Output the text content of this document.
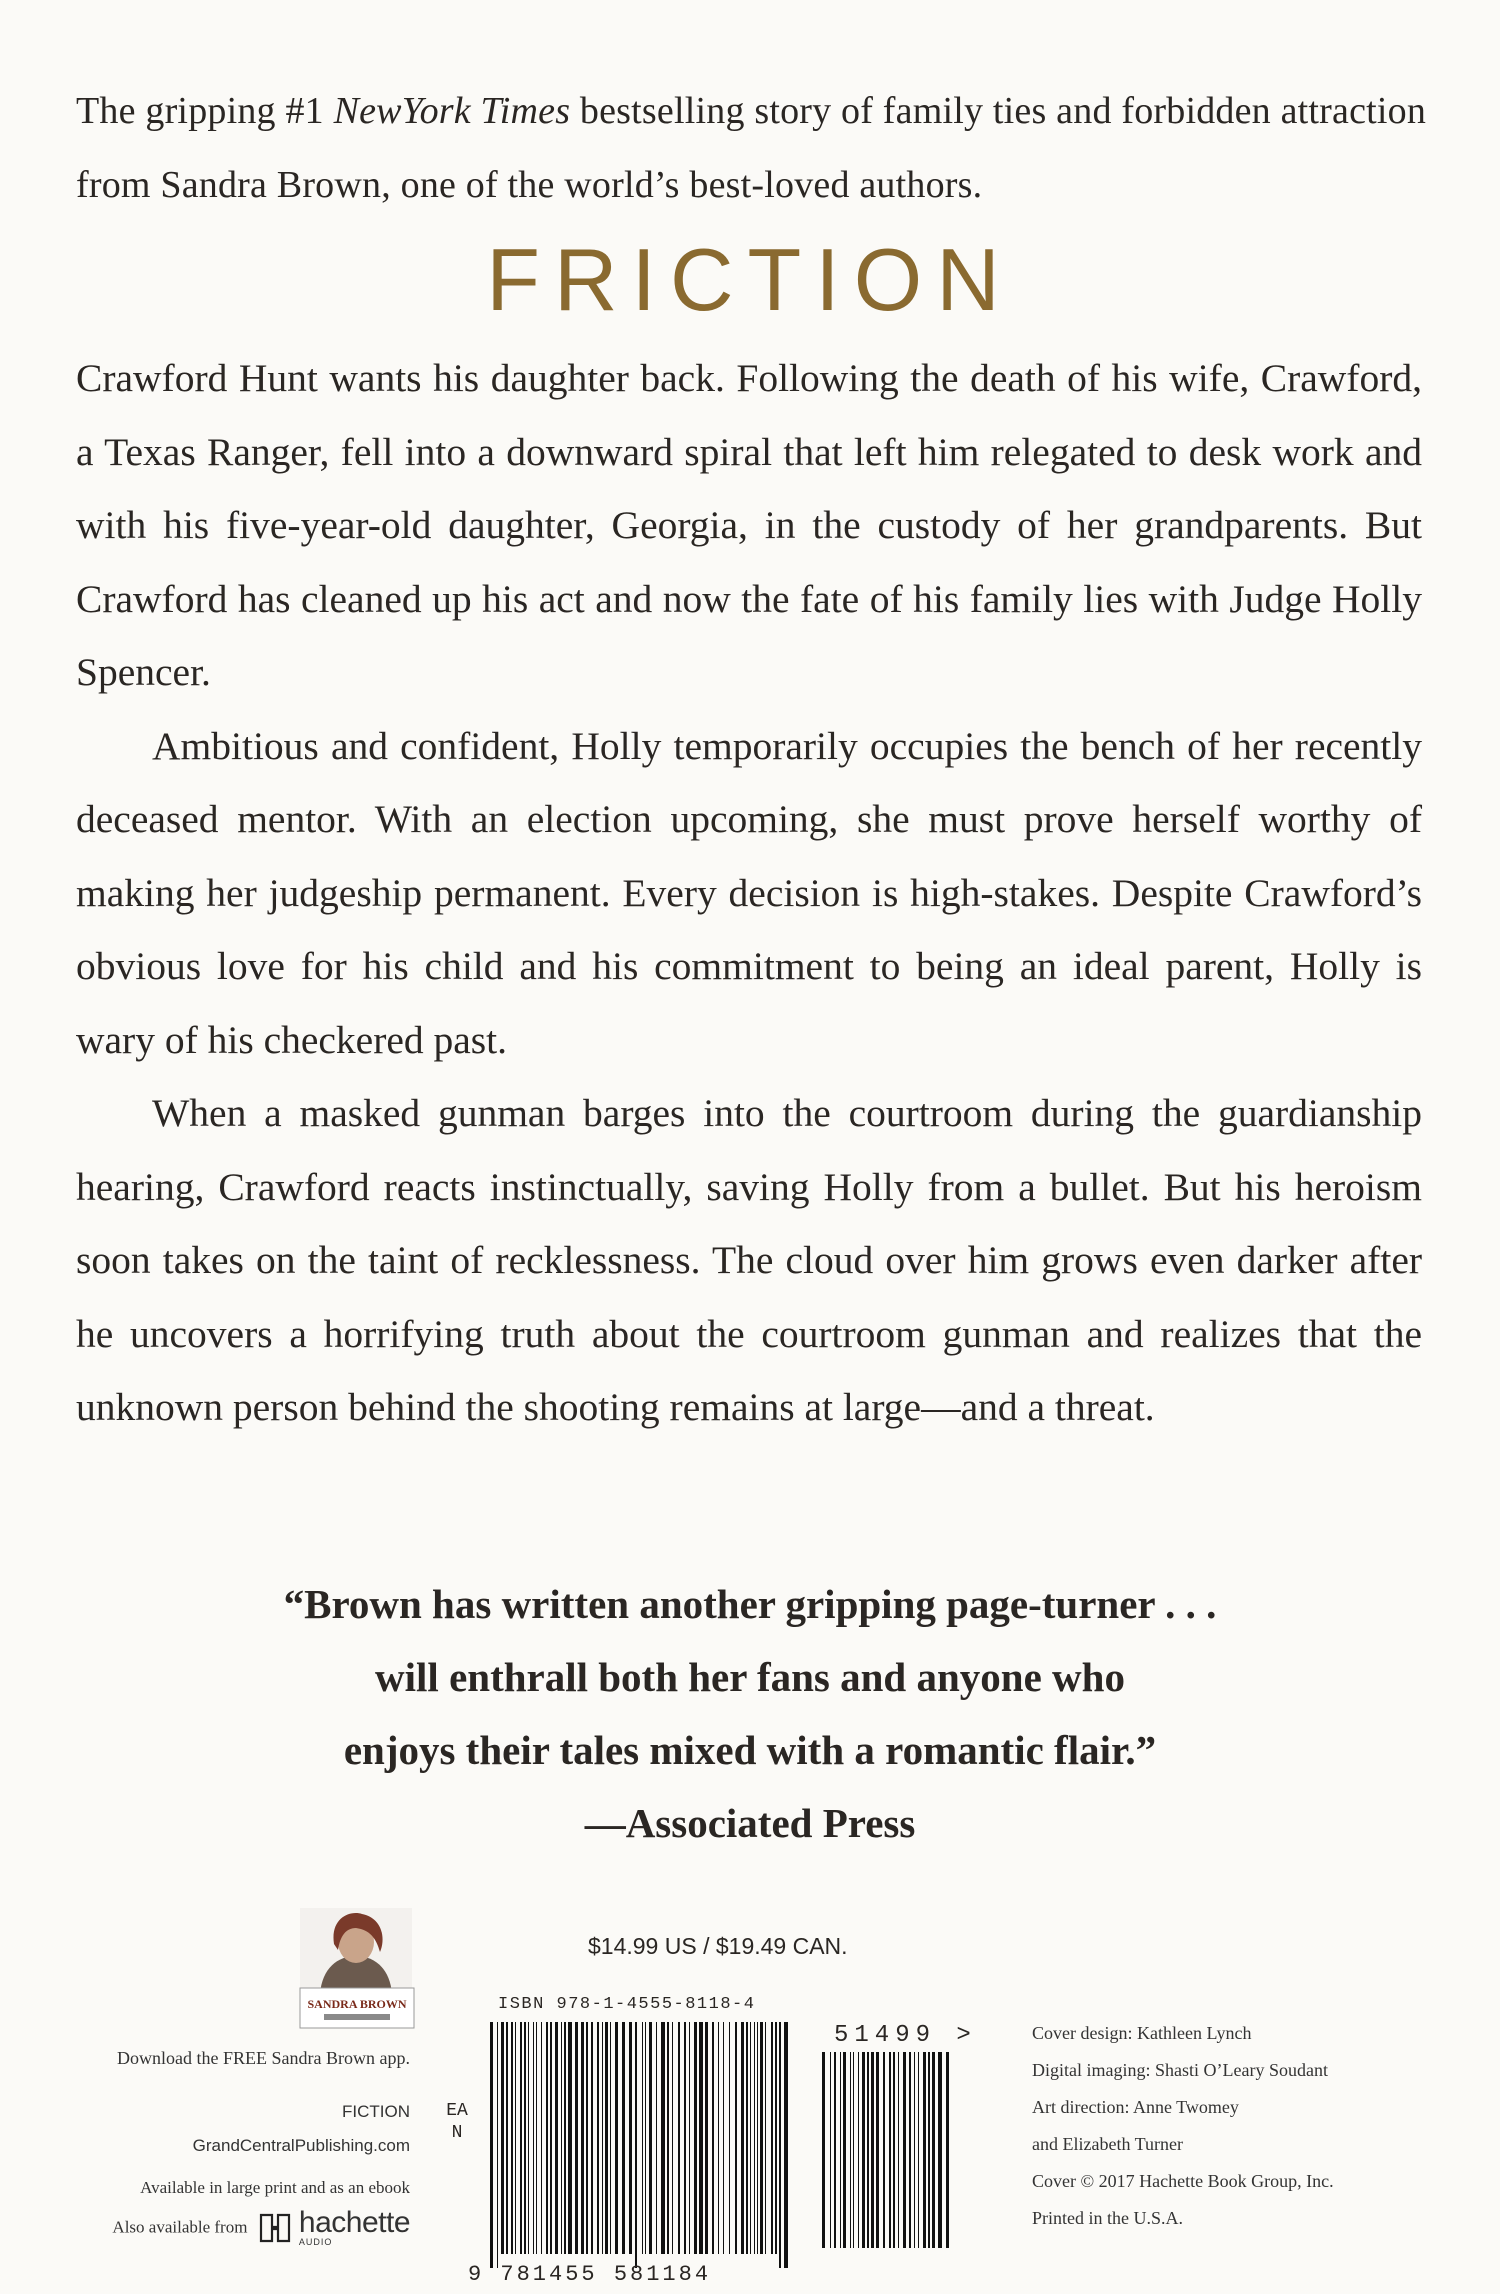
The gripping #1 NewYork Times bestselling story of family ties and forbidden attraction from Sandra Brown, one of the world’s best-loved authors.
FRICTION

Crawford Hunt wants his daughter back. Following the death of his wife, Crawford, a Texas Ranger, fell into a downward spiral that left him relegated to desk work and with his five-year-old daughter, Georgia, in the custody of her grandparents. But Crawford has cleaned up his act and now the fate of his family lies with Judge Holly Spencer.

Ambitious and confident, Holly temporarily occupies the bench of her recently deceased mentor. With an election upcoming, she must prove herself worthy of making her judgeship permanent. Every decision is high-stakes. Despite Crawford’s obvious love for his child and his commitment to being an ideal parent, Holly is wary of his checkered past.

When a masked gunman barges into the courtroom during the guardianship hearing, Crawford reacts instinctually, saving Holly from a bullet. But his heroism soon takes on the taint of recklessness. The cloud over him grows even darker after he uncovers a horrifying truth about the courtroom gunman and realizes that the unknown person behind the shooting remains at large—and a threat.

“Brown has written another gripping page-turner . . .
will enthrall both her fans and anyone who
enjoys their tales mixed with a romantic flair.”
—Associated Press
$14.99 US / $19.49 CAN.
SANDRA BROWN
Download the FREE Sandra Brown app.
FICTION
GrandCentralPublishing.com
Available in large print and as an ebook
Also available from hachette
AUDIO
EAN
ISBN 978-1-4555-8118-4
9 781455 581184
51499 >	Cover design: Kathleen Lynch
Digital imaging: Shasti O’Leary Soudant
Art direction: Anne Twomey
and Elizabeth Turner
Cover © 2017 Hachette Book Group, Inc.
Printed in the U.S.A.
